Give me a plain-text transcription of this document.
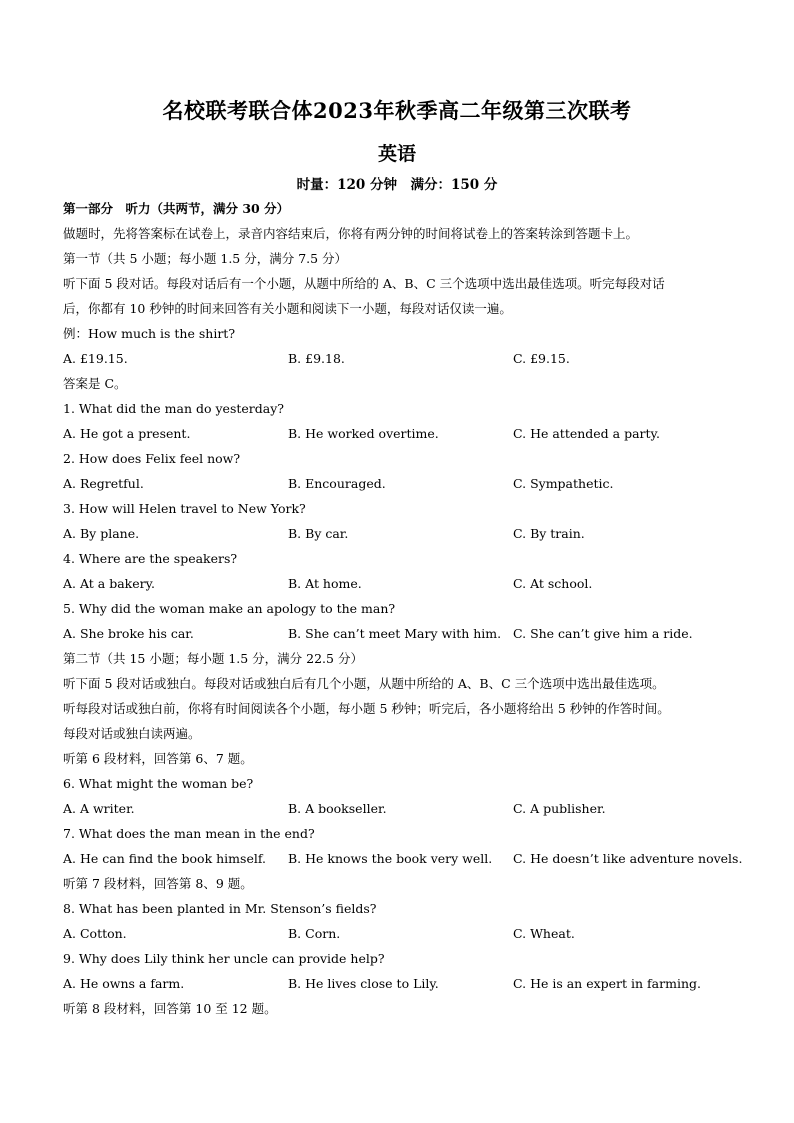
名校联考联合体2023年秋季高二年级第三次联考
英语
时量：120 分钟　满分：150 分
第一部分　听力（共两节，满分 30 分）
做题时，先将答案标在试卷上，录音内容结束后，你将有两分钟的时间将试卷上的答案转涂到答题卡上。
第一节（共 5 小题；每小题 1.5 分，满分 7.5 分）
听下面 5 段对话。每段对话后有一个小题，从题中所给的 A、B、C 三个选项中选出最佳选项。听完每段对话
后，你都有 10 秒钟的时间来回答有关小题和阅读下一小题，每段对话仅读一遍。
例：How much is the shirt?
A. £19.15.	B. £9.18.	C. £9.15.
答案是 C。
1. What did the man do yesterday?
A. He got a present.	B. He worked overtime.	C. He attended a party.
2. How does Felix feel now?
A. Regretful.	B. Encouraged.	C. Sympathetic.
3. How will Helen travel to New York?
A. By plane.	B. By car.	C. By train.
4. Where are the speakers?
A. At a bakery.	B. At home.	C. At school.
5. Why did the woman make an apology to the man?
A. She broke his car.	B. She can’t meet Mary with him. C. She can’t give him a ride.
第二节（共 15 小题；每小题 1.5 分，满分 22.5 分）
听下面 5 段对话或独白。每段对话或独白后有几个小题，从题中所给的 A、B、C 三个选项中选出最佳选项。
听每段对话或独白前，你将有时间阅读各个小题，每小题 5 秒钟；听完后，各小题将给出 5 秒钟的作答时间。
每段对话或独白读两遍。
听第 6 段材料，回答第 6、7 题。
6. What might the woman be?
A. A writer.	B. A bookseller.	C. A publisher.
7. What does the man mean in the end?
A. He can find the book himself.	B. He knows the book very well.	C. He doesn’t like adventure novels.
听第 7 段材料，回答第 8、9 题。
8. What has been planted in Mr. Stenson’s fields?
A. Cotton.	B. Corn.	C. Wheat.
9. Why does Lily think her uncle can provide help?
A. He owns a farm.	B. He lives close to Lily.	C. He is an expert in farming.
听第 8 段材料，回答第 10 至 12 题。
